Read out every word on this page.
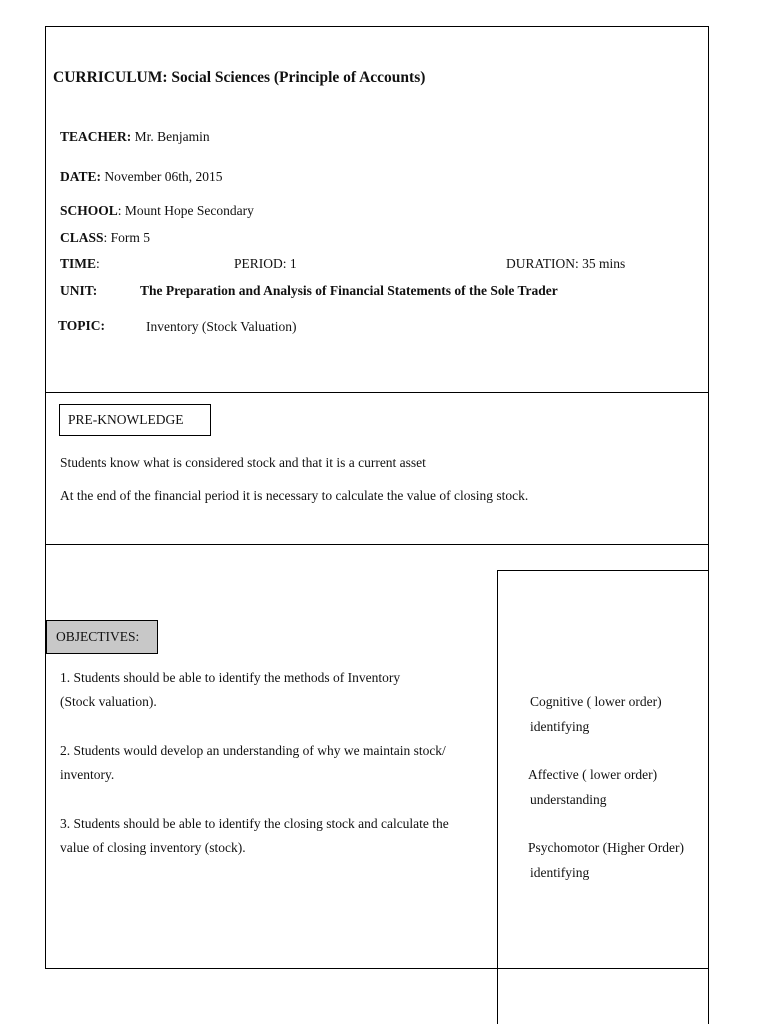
CURRICULUM: Social Sciences (Principle of Accounts)
TEACHER: Mr. Benjamin
DATE: November 06th, 2015
SCHOOL: Mount Hope Secondary
CLASS: Form 5
TIME:	PERIOD: 1	DURATION: 35 mins
UNIT:	The Preparation and Analysis of Financial Statements of the Sole Trader
TOPIC:	Inventory (Stock Valuation)
PRE-KNOWLEDGE
Students know what is considered stock and that it is a current asset
At the end of the financial period it is necessary to calculate the value of closing stock.
OBJECTIVES:
1. Students should be able to identify the methods of Inventory
(Stock valuation).
2. Students would develop an understanding of why we maintain stock/
inventory.
3. Students should be able to identify the closing stock and calculate the
value of closing inventory (stock).
Cognitive ( lower order)
identifying
Affective ( lower order)
understanding
Psychomotor (Higher Order)
identifying
